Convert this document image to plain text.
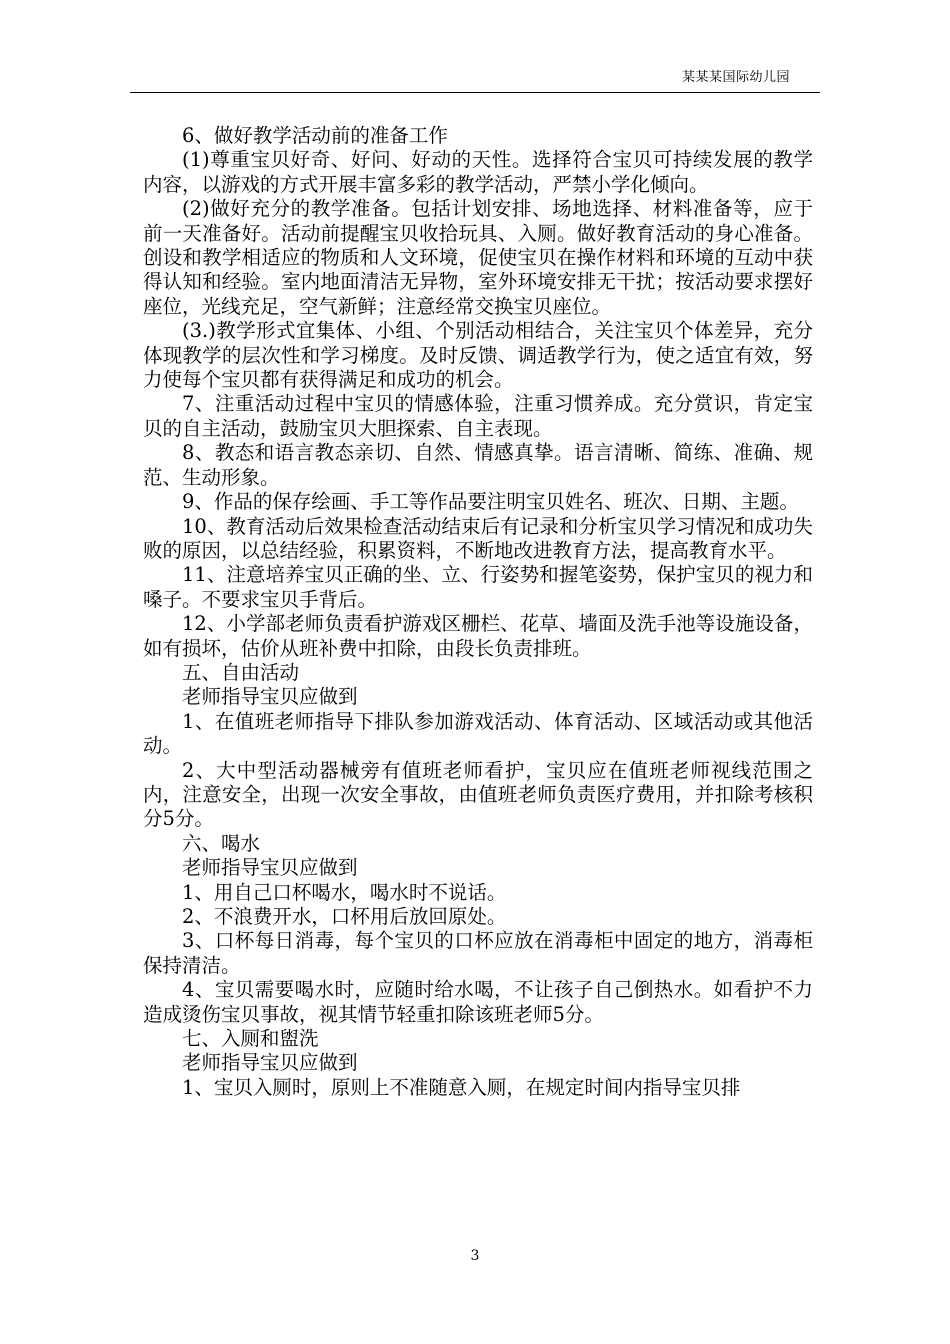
某某某国际幼儿园

6、做好教学活动前的准备工作

(1)尊重宝贝好奇、好问、好动的天性。选择符合宝贝可持续发展的教学内容，以游戏的方式开展丰富多彩的教学活动，严禁小学化倾向。

(2)做好充分的教学准备。包括计划安排、场地选择、材料准备等，应于前一天准备好。活动前提醒宝贝收拾玩具、入厕。做好教育活动的身心准备。创设和教学相适应的物质和人文环境，促使宝贝在操作材料和环境的互动中获得认知和经验。室内地面清洁无异物，室外环境安排无干扰；按活动要求摆好座位，光线充足，空气新鲜；注意经常交换宝贝座位。

(3.)教学形式宜集体、小组、个别活动相结合，关注宝贝个体差异，充分体现教学的层次性和学习梯度。及时反馈、调适教学行为，使之适宜有效，努力使每个宝贝都有获得满足和成功的机会。

7、注重活动过程中宝贝的情感体验，注重习惯养成。充分赏识，肯定宝贝的自主活动，鼓励宝贝大胆探索、自主表现。

8、教态和语言教态亲切、自然、情感真挚。语言清晰、简练、准确、规范、生动形象。

9、作品的保存绘画、手工等作品要注明宝贝姓名、班次、日期、主题。

10、教育活动后效果检查活动结束后有记录和分析宝贝学习情况和成功失败的原因，以总结经验，积累资料，不断地改进教育方法，提高教育水平。

11、注意培养宝贝正确的坐、立、行姿势和握笔姿势，保护宝贝的视力和嗓子。不要求宝贝手背后。

12、小学部老师负责看护游戏区栅栏、花草、墙面及洗手池等设施设备，如有损坏，估价从班补费中扣除，由段长负责排班。

五、自由活动

老师指导宝贝应做到

1、在值班老师指导下排队参加游戏活动、体育活动、区域活动或其他活动。

2、大中型活动器械旁有值班老师看护，宝贝应在值班老师视线范围之内，注意安全，出现一次安全事故，由值班老师负责医疗费用，并扣除考核积分5分。

六、喝水

老师指导宝贝应做到

1、用自己口杯喝水，喝水时不说话。

2、不浪费开水，口杯用后放回原处。

3、口杯每日消毒，每个宝贝的口杯应放在消毒柜中固定的地方，消毒柜保持清洁。

4、宝贝需要喝水时，应随时给水喝，不让孩子自己倒热水。如看护不力造成烫伤宝贝事故，视其情节轻重扣除该班老师5分。

七、入厕和盥洗

老师指导宝贝应做到

1、宝贝入厕时，原则上不准随意入厕，在规定时间内指导宝贝排

3
